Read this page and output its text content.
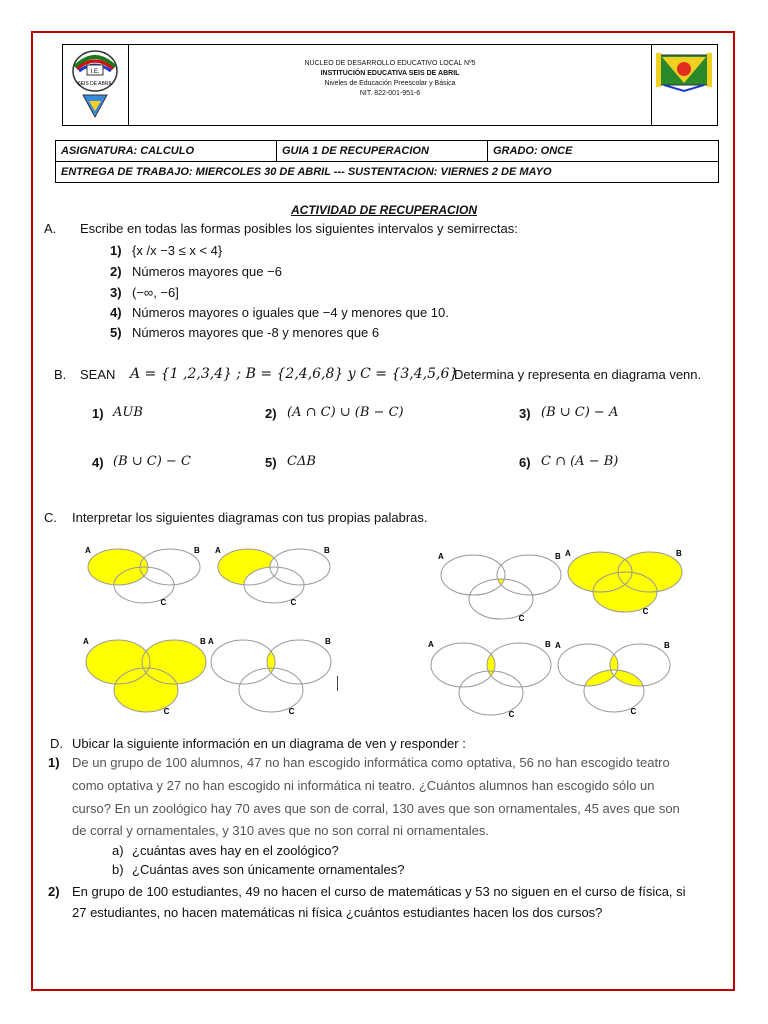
I.E.
SEIS DE ABRIL
NUCLEO DE DESARROLLO EDUCATIVO LOCAL Nº5
INSTITUCIÓN EDUCATIVA SEIS DE ABRIL
Niveles de Educación Preescolar y Básica
NIT. 822-001-951-6
ASIGNATURA: CALCULO	GUIA 1 DE RECUPERACION	GRADO: ONCE
ENTREGA DE TRABAJO: MIERCOLES 30 DE ABRIL --- SUSTENTACION: VIERNES 2 DE MAYO
ACTIVIDAD DE RECUPERACION
A. Escribe en todas las formas posibles los siguientes intervalos y semirrectas:
1) {x /x −3 ≤ x < 4}
2) Números mayores que −6
3) (−∞, −6]
4) Números mayores o iguales que −4 y menores que 10.
5) Números mayores que -8 y menores que 6
B. SEAN A = {1 ,2,3,4} ; B = {2,4,6,8} y C = {3,4,5,6}
Determina y representa en diagrama venn.
1) AUB	2) (A ∩ C) ∪ (B − C)	3) (B ∪ C) − A
4) (B ∪ C) − C	5) CΔB	6) C ∩ (A − B)
C. Interpretar los siguientes diagramas con tus propias palabras.
A	B
C
A	B
C
A	B
C
A	B
C
A	B
C
A	B
C
A	B
C
A	B
C
D. Ubicar la siguiente información en un diagrama de ven y responder :
1) De un grupo de 100 alumnos, 47 no han escogido informática como optativa, 56 no han escogido teatro
como optativa y 27 no han escogido ni informática ni teatro. ¿Cuántos alumnos han escogido sólo un
curso? En un zoológico hay 70 aves que son de corral, 130 aves que son ornamentales, 45 aves que son
de corral y ornamentales, y 310 aves que no son corral ni ornamentales.
a) ¿cuántas aves hay en el zoológico?
b) ¿Cuántas aves son únicamente ornamentales?
2) En grupo de 100 estudiantes, 49 no hacen el curso de matemáticas y 53 no siguen en el curso de física, si
27 estudiantes, no hacen matemáticas ni física ¿cuántos estudiantes hacen los dos cursos?
